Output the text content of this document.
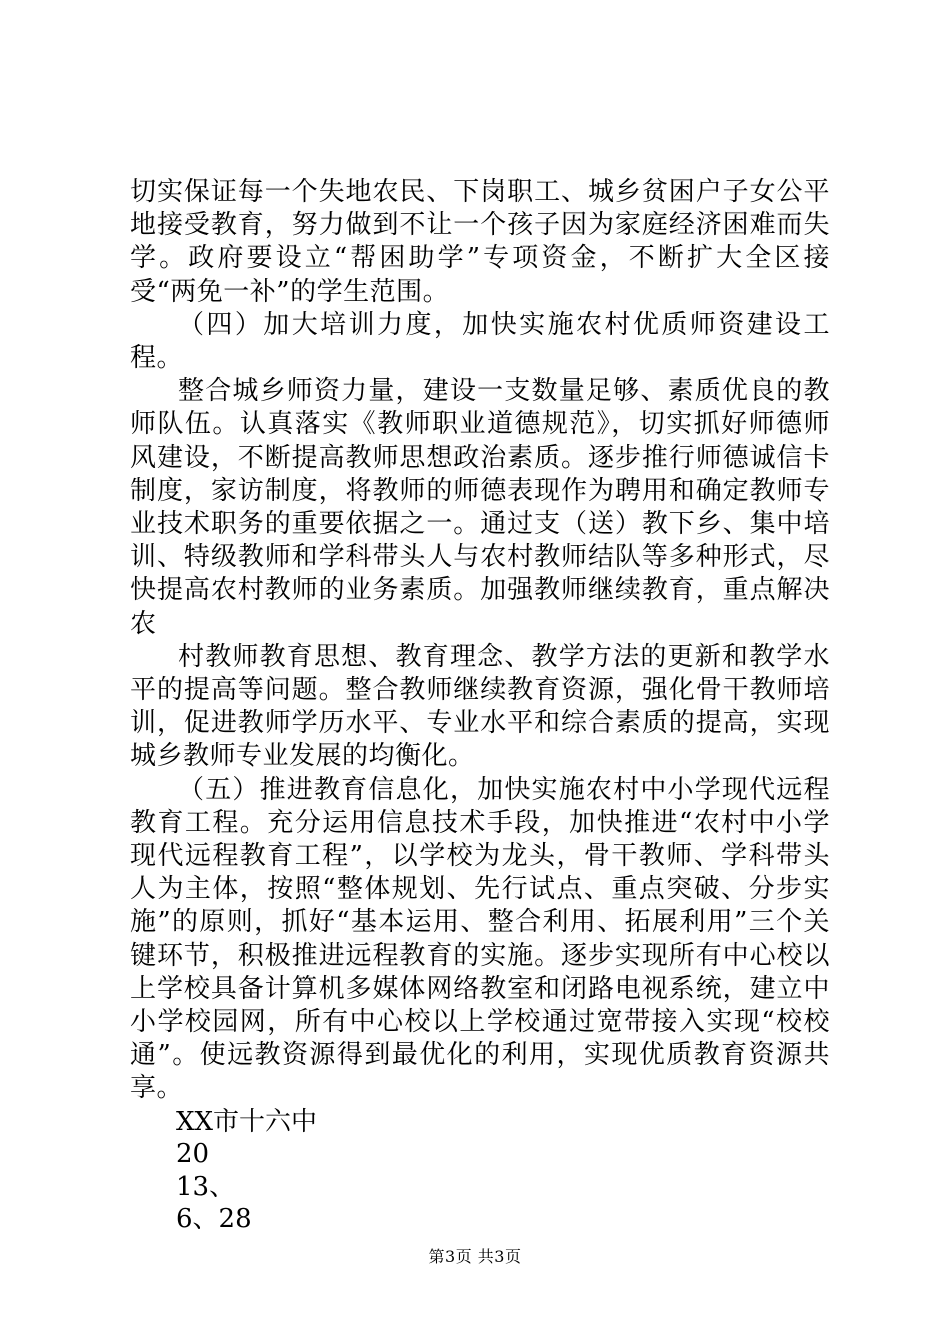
切实保证每一个失地农民、下岗职工、城乡贫困户子女公平地接受教育，努力做到不让一个孩子因为家庭经济困难而失学。政府要设立“帮困助学”专项资金，不断扩大全区接受“两免一补”的学生范围。

（四）加大培训力度，加快实施农村优质师资建设工程。

整合城乡师资力量，建设一支数量足够、素质优良的教师队伍。认真落实《教师职业道德规范》，切实抓好师德师风建设，不断提高教师思想政治素质。逐步推行师德诚信卡制度，家访制度，将教师的师德表现作为聘用和确定教师专业技术职务的重要依据之一。通过支（送）教下乡、集中培训、特级教师和学科带头人与农村教师结队等多种形式，尽快提高农村教师的业务素质。加强教师继续教育，重点解决农

村教师教育思想、教育理念、教学方法的更新和教学水平的提高等问题。整合教师继续教育资源，强化骨干教师培训，促进教师学历水平、专业水平和综合素质的提高，实现城乡教师专业发展的均衡化。

（五）推进教育信息化，加快实施农村中小学现代远程教育工程。充分运用信息技术手段，加快推进“农村中小学现代远程教育工程”，以学校为龙头，骨干教师、学科带头人为主体，按照“整体规划、先行试点、重点突破、分步实施”的原则，抓好“基本运用、整合利用、拓展利用”三个关键环节，积极推进远程教育的实施。逐步实现所有中心校以上学校具备计算机多媒体网络教室和闭路电视系统，建立中小学校园网，所有中心校以上学校通过宽带接入实现“校校通”。使远教资源得到最优化的利用，实现优质教育资源共享。

XX市十六中

20

13、

6、28

第3页 共3页
